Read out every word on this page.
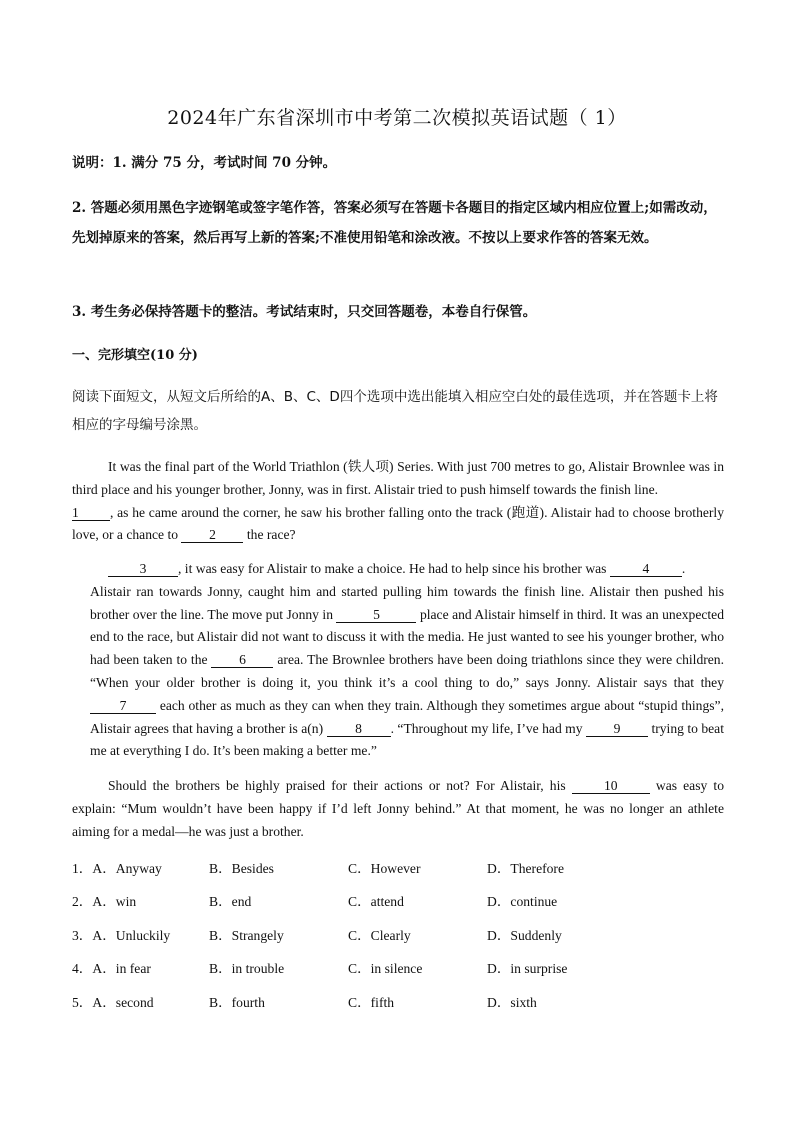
2024年广东省深圳市中考第二次模拟英语试题（ 1）
说明：1. 满分 75 分，考试时间 70 分钟。
2. 答题必须用黑色字迹钢笔或签字笔作答，答案必须写在答题卡各题目的指定区域内相应位置上;如需改动，先划掉原来的答案，然后再写上新的答案;不准使用铅笔和涂改液。不按以上要求作答的答案无效。
3. 考生务必保持答题卡的整洁。考试结束时，只交回答题卷，本卷自行保管。
一、完形填空(10 分)
阅读下面短文，从短文后所给的A、B、C、D四个选项中选出能填入相应空白处的最佳选项，并在答题卡上将相应的字母编号涂黑。
It was the final part of the World Triathlon (铁人项) Series. With just 700 metres to go, Alistair Brownlee was in third place and his younger brother, Jonny, was in first. Alistair tried to push himself towards the finish line.
1 , as he came around the corner, he saw his brother falling onto the track (跑道). Alistair had to choose brotherly love, or a chance to 2 the race?
3 , it was easy for Alistair to make a choice. He had to help since his brother was	4 .
Alistair ran towards Jonny, caught him and started pulling him towards the finish line. Alistair then pushed his brother over the line. The move put Jonny in	5	place and Alistair himself in third. It was an unexpected end to the race, but Alistair did not want to discuss it with the media. He just wanted to see his younger brother, who had been taken to the 6 area. The Brownlee brothers have been doing triathlons since they were children. “When your older brother is doing it, you think it’s a cool thing to do,” says Jonny. Alistair says that they 7 each other as much as they can when they train. Although they sometimes argue about “stupid things”, Alistair agrees that having a brother is a(n) 8 . “Throughout my life, I’ve had my 9 trying to beat me at everything I do. It’s been making a better me.”
Should the brothers be highly praised for their actions or not? For Alistair, his	10	was easy to explain: “Mum wouldn’t have been happy if I’d left Jonny behind.” At that moment, he was no longer an athlete aiming for a medal—he was just a brother.
1．A．Anyway	B．Besides	C．However	D．Therefore
2．A．win	B．end	C．attend	D．continue
3．A．Unluckily	B．Strangely	C．Clearly	D．Suddenly
4．A．in fear	B．in trouble	C．in silence	D．in surprise
5．A．second	B．fourth	C．fifth	D．sixth
